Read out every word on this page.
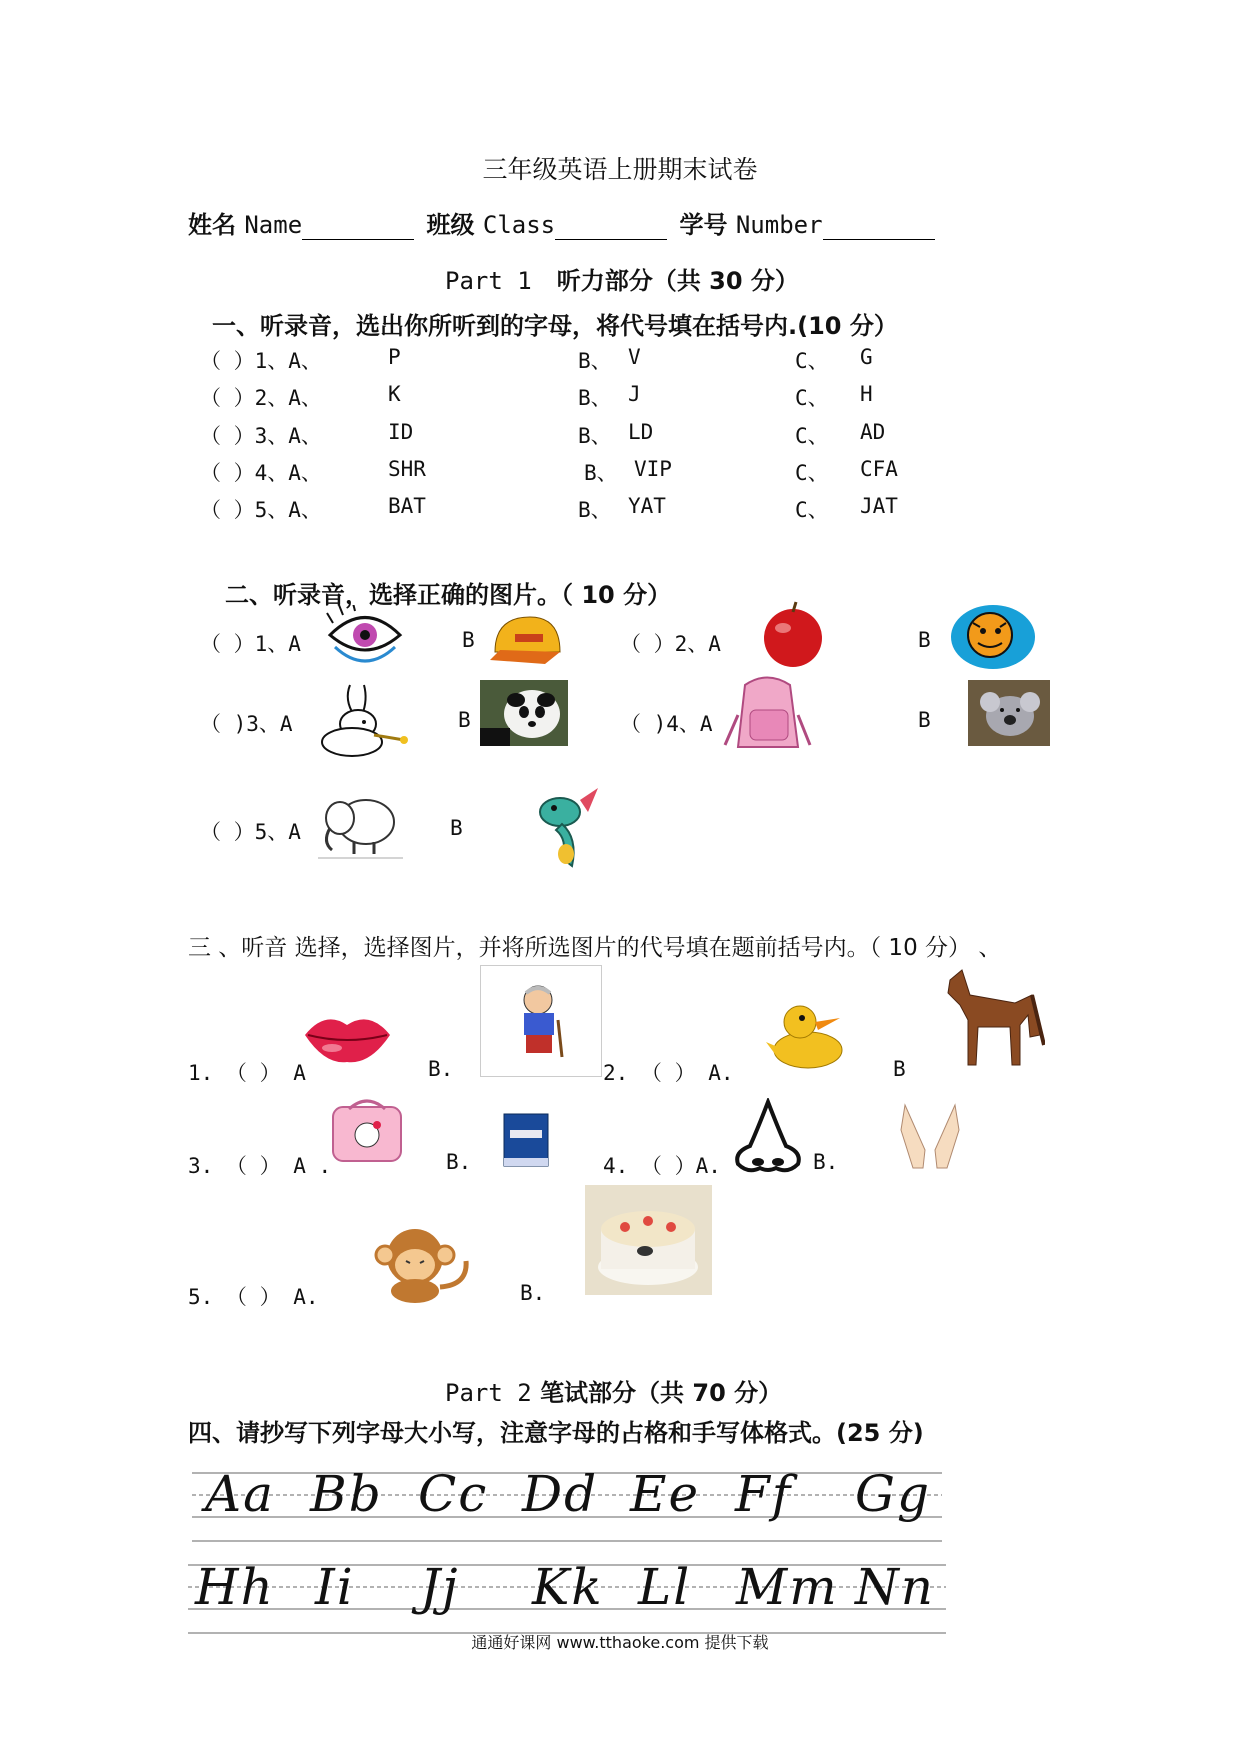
三年级英语上册期末试卷
姓名 Name	班级 Class	学号 Number
Part 1 听力部分（共 30 分）
一、听录音，选出你所听到的字母，将代号填在括号内.(10 分）
（ ）1、A、	P	B、 V	C、 G
（ ）2、A、	K	B、 J	C、 H
（ ）3、A、	ID	B、 LD	C、 AD
（ ）4、A、	SHR	B、 VIP	C、 CFA
（ ）5、A、	BAT	B、 YAT	C、 JAT
二、听录音，选择正确的图片。（ 10 分）
（ ）1、A	B	（ ）2、A	B
（ )3、A	B	（ )4、A	B
（ ）5、A	B
三 、听音 选择，选择图片，并将所选图片的代号填在题前括号内。（ 10 分） 、
1. （ ） A	B.	2. （ ） A.	B
3. （ ） A .	B.	4. （ ）A.	B.
5. （ ） A.	B.
Part 2 笔试部分（共 70 分）
四、请抄写下列字母大小写，注意字母的占格和手写体格式。(25 分)
Aa Bb Cc Dd Ee Ff Gg
Hh Ii Jj Kk Ll Mm Nn
通通好课网 www.tthaoke.com 提供下载
